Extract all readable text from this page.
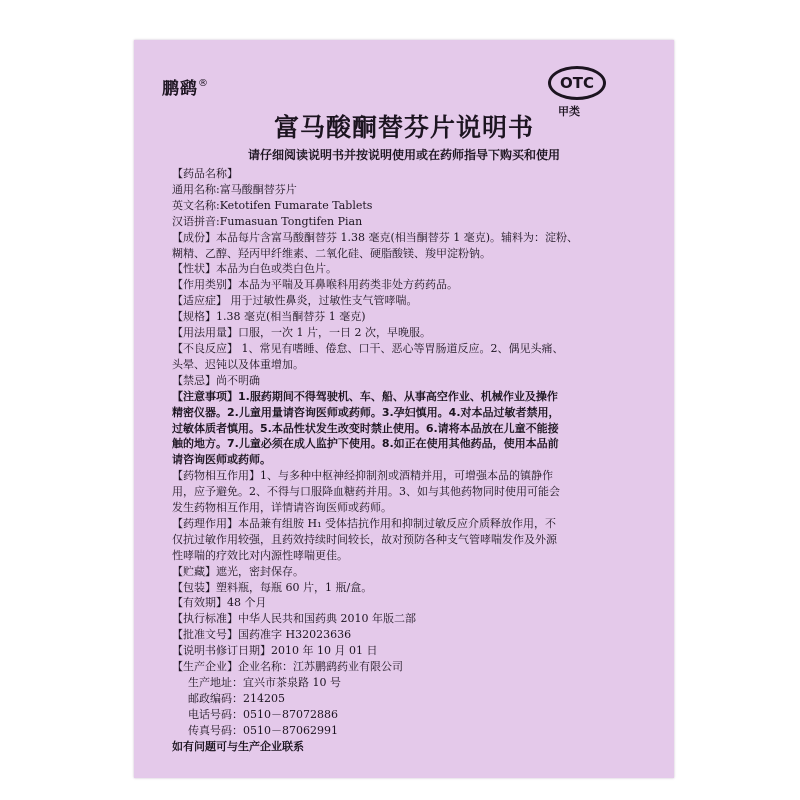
鹏鹞®	OTC
甲类
富马酸酮替芬片说明书
请仔细阅读说明书并按说明使用或在药师指导下购买和使用
【药品名称】
通用名称:富马酸酮替芬片
英文名称:Ketotifen Fumarate Tablets
汉语拼音:Fumasuan Tongtifen Pian
【成份】本品每片含富马酸酮替芬 1.38 毫克(相当酮替芬 1 毫克)。辅料为：淀粉、
糊精、乙醇、羟丙甲纤维素、二氧化硅、硬脂酸镁、羧甲淀粉钠。
【性状】本品为白色或类白色片。
【作用类别】本品为平喘及耳鼻喉科用药类非处方药药品。
【适应症】 用于过敏性鼻炎，过敏性支气管哮喘。
【规格】1.38 毫克(相当酮替芬 1 毫克)
【用法用量】口服，一次 1 片，一日 2 次，早晚服。
【不良反应】 1、常见有嗜睡、倦怠、口干、恶心等胃肠道反应。2、偶见头痛、
头晕、迟钝以及体重增加。
【禁忌】尚不明确
【注意事项】1.服药期间不得驾驶机、车、船、从事高空作业、机械作业及操作
精密仪器。2.儿童用量请咨询医师或药师。3.孕妇慎用。4.对本品过敏者禁用，
过敏体质者慎用。5.本品性状发生改变时禁止使用。6.请将本品放在儿童不能接
触的地方。7.儿童必须在成人监护下使用。8.如正在使用其他药品，使用本品前
请咨询医师或药师。
【药物相互作用】1、与多种中枢神经抑制剂或酒精并用，可增强本品的镇静作
用，应予避免。2、不得与口服降血糖药并用。3、如与其他药物同时使用可能会
发生药物相互作用，详情请咨询医师或药师。
【药理作用】本品兼有组胺 H₁ 受体拮抗作用和抑制过敏反应介质释放作用，不
仅抗过敏作用较强，且药效持续时间较长，故对预防各种支气管哮喘发作及外源
性哮喘的疗效比对内源性哮喘更佳。
【贮藏】遮光，密封保存。
【包装】塑料瓶，每瓶 60 片，1 瓶/盒。
【有效期】48 个月
【执行标准】中华人民共和国药典 2010 年版二部
【批准文号】国药准字 H32023636
【说明书修订日期】2010 年 10 月 01 日
【生产企业】企业名称：江苏鹏鹞药业有限公司
生产地址：宜兴市茶泉路 10 号
邮政编码：214205
电话号码：0510－87072886
传真号码：0510－87062991
如有问题可与生产企业联系
